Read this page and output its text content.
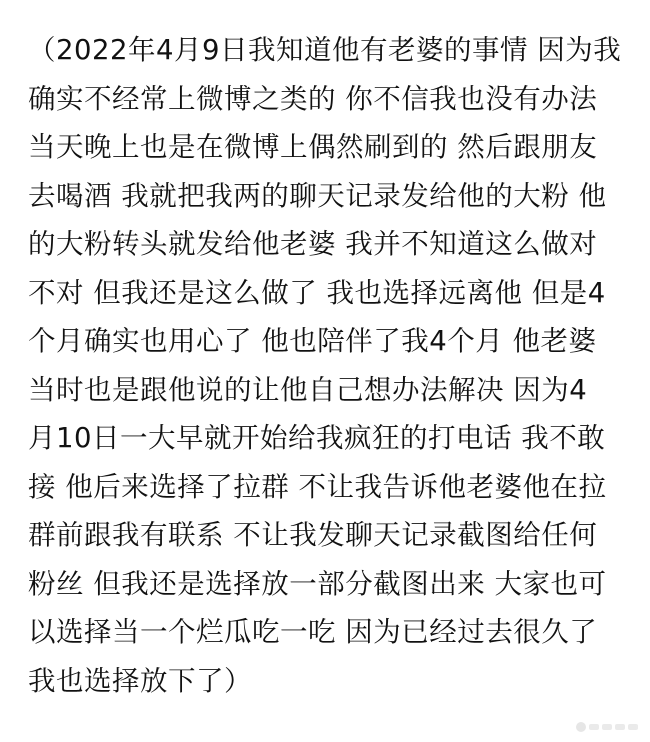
（2022年4月9日我知道他有老婆的事情 因为我
确实不经常上微博之类的 你不信我也没有办法
当天晚上也是在微博上偶然刷到的 然后跟朋友
去喝酒 我就把我两的聊天记录发给他的大粉 他
的大粉转头就发给他老婆 我并不知道这么做对
不对 但我还是这么做了 我也选择远离他 但是4
个月确实也用心了 他也陪伴了我4个月 他老婆
当时也是跟他说的让他自己想办法解决 因为4
月10日一大早就开始给我疯狂的打电话 我不敢
接 他后来选择了拉群 不让我告诉他老婆他在拉
群前跟我有联系 不让我发聊天记录截图给任何
粉丝 但我还是选择放一部分截图出来 大家也可
以选择当一个烂瓜吃一吃 因为已经过去很久了
我也选择放下了）
